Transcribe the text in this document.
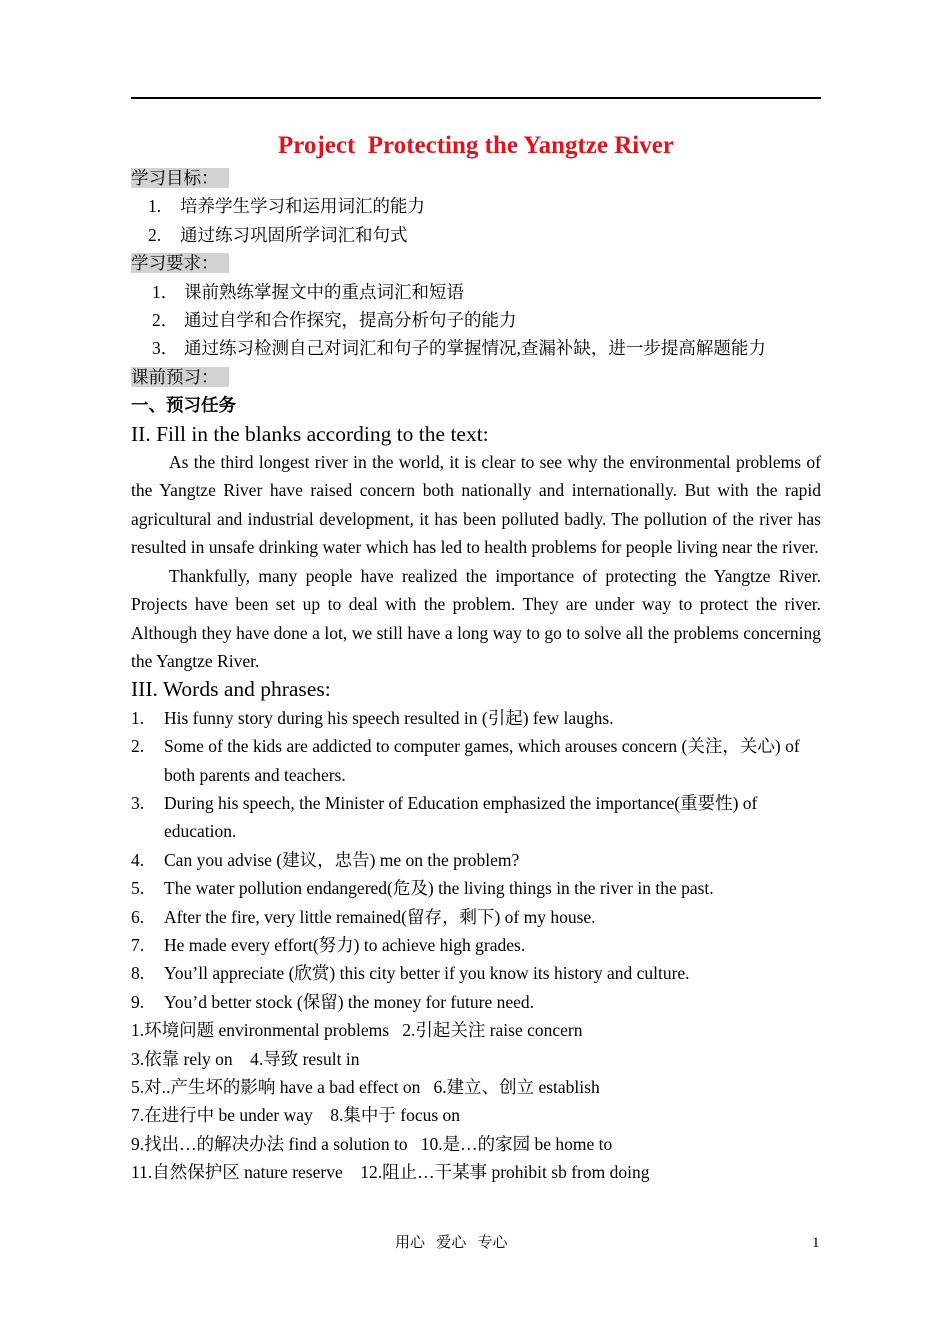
Project  Protecting the Yangtze River
学习目标：
1. 培养学生学习和运用词汇的能力
2. 通过练习巩固所学词汇和句式
学习要求：
1． 课前熟练掌握文中的重点词汇和短语
2． 通过自学和合作探究，提高分析句子的能力
3． 通过练习检测自己对词汇和句子的掌握情况,查漏补缺，进一步提高解题能力
课前预习：
一、预习任务
II. Fill in the blanks according to the text:

As the third longest river in the world, it is clear to see why the environmental problems of the Yangtze River have raised concern both nationally and internationally. But with the rapid agricultural and industrial development, it has been polluted badly. The pollution of the river has resulted in unsafe drinking water which has led to health problems for people living near the river.

Thankfully, many people have realized the importance of protecting the Yangtze River. Projects have been set up to deal with the problem. They are under way to protect the river. Although they have done a lot, we still have a long way to go to solve all the problems concerning the Yangtze River.

III. Words and phrases:
1.	His funny story during his speech resulted in (引起) few laughs.
2.	Some of the kids are addicted to computer games, which arouses concern (关注，关心) of both parents and teachers.
3.	During his speech, the Minister of Education emphasized the importance(重要性) of education.
4.	Can you advise (建议，忠告) me on the problem?
5.	The water pollution endangered(危及) the living things in the river in the past.
6.	After the fire, very little remained(留存，剩下) of my house.
7.	He made every effort(努力) to achieve high grades.
8.	You’ll appreciate (欣赏) this city better if you know its history and culture.
9.	You’d better stock (保留) the money for future need.
1.环境问题 environmental problems   2.引起关注 raise concern
3.依靠 rely on    4.导致 result in
5.对..产生坏的影响 have a bad effect on   6.建立、创立 establish
7.在进行中 be under way    8.集中于 focus on
9.找出…的解决办法 find a solution to   10.是…的家园 be home to
11.自然保护区 nature reserve    12.阻止…干某事 prohibit sb from doing
用心   爱心   专心	1
